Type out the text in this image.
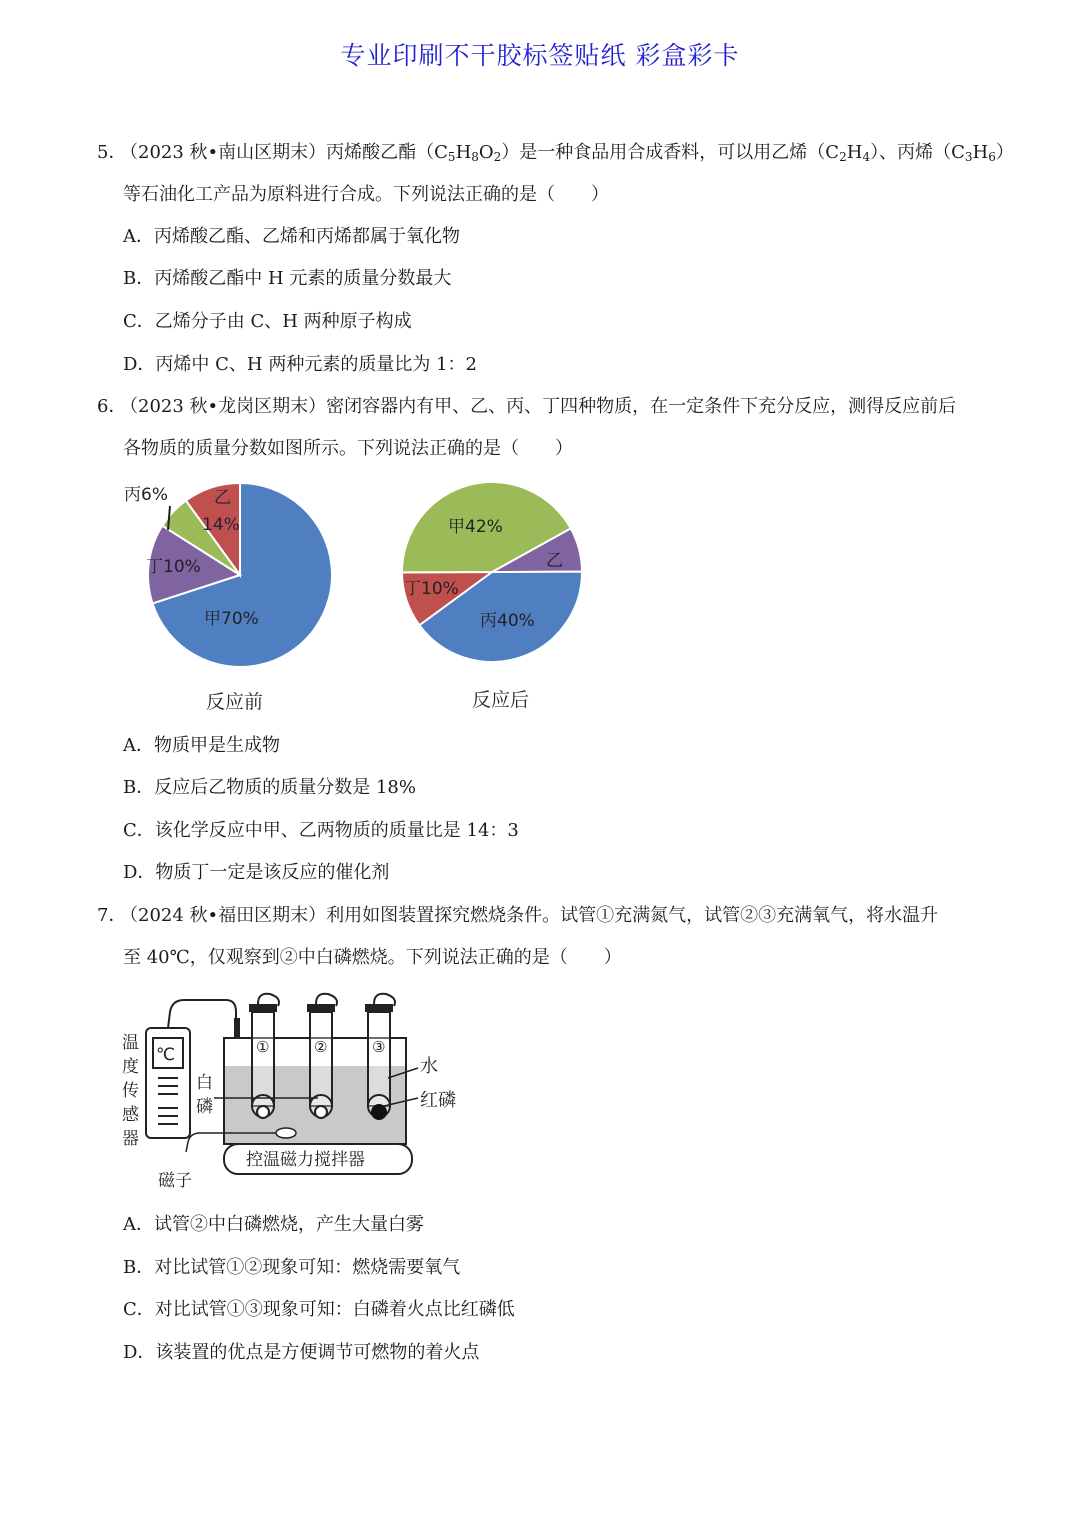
专业印刷不干胶标签贴纸 彩盒彩卡
5．
（2023 秋•南山区期末）丙烯酸乙酯$(C_5H_8O_2)$是一种食品用合成香料，可以用乙烯$(C_2H_4)$、丙烯$(C_3H_6)$
等石油化工产品为原料进行合成。下列说法正确的是（　　）
A．丙烯酸乙酯、乙烯和丙烯都属于氧化物
B．丙烯酸乙酯中 H 元素的质量分数最大
C．乙烯分子由 C、H 两种原子构成
D．丙烯中 C、H 两种元素的质量比为 1：2
6．
（2023 秋•龙岗区期末）密闭容器内有甲、乙、丙、丁四种物质，在一定条件下充分反应，测得反应前后
各物质的质量分数如图所示。下列说法正确的是（　　）
丙6%	乙
14%
丁10%
甲70%
反应前
甲42%
乙
丁10%
丙40%
反应后
A．物质甲是生成物
B．反应后乙物质的质量分数是 18%
C．该化学反应中甲、乙两物质的质量比是 14：3
D．物质丁一定是该反应的催化剂
7．
（2024 秋•福田区期末）利用如图装置探究燃烧条件。试管①充满氮气，试管②③充满氧气，将水温升
至 40℃，仅观察到②中白磷燃烧。下列说法正确的是（　　）
℃
温
度
传
感
器
①	②	③
白
磷
水
红磷
磁子
控温磁力搅拌器
A．试管②中白磷燃烧，产生大量白雾
B．对比试管①②现象可知：燃烧需要氧气
C．对比试管①③现象可知：白磷着火点比红磷低
D．该装置的优点是方便调节可燃物的着火点
